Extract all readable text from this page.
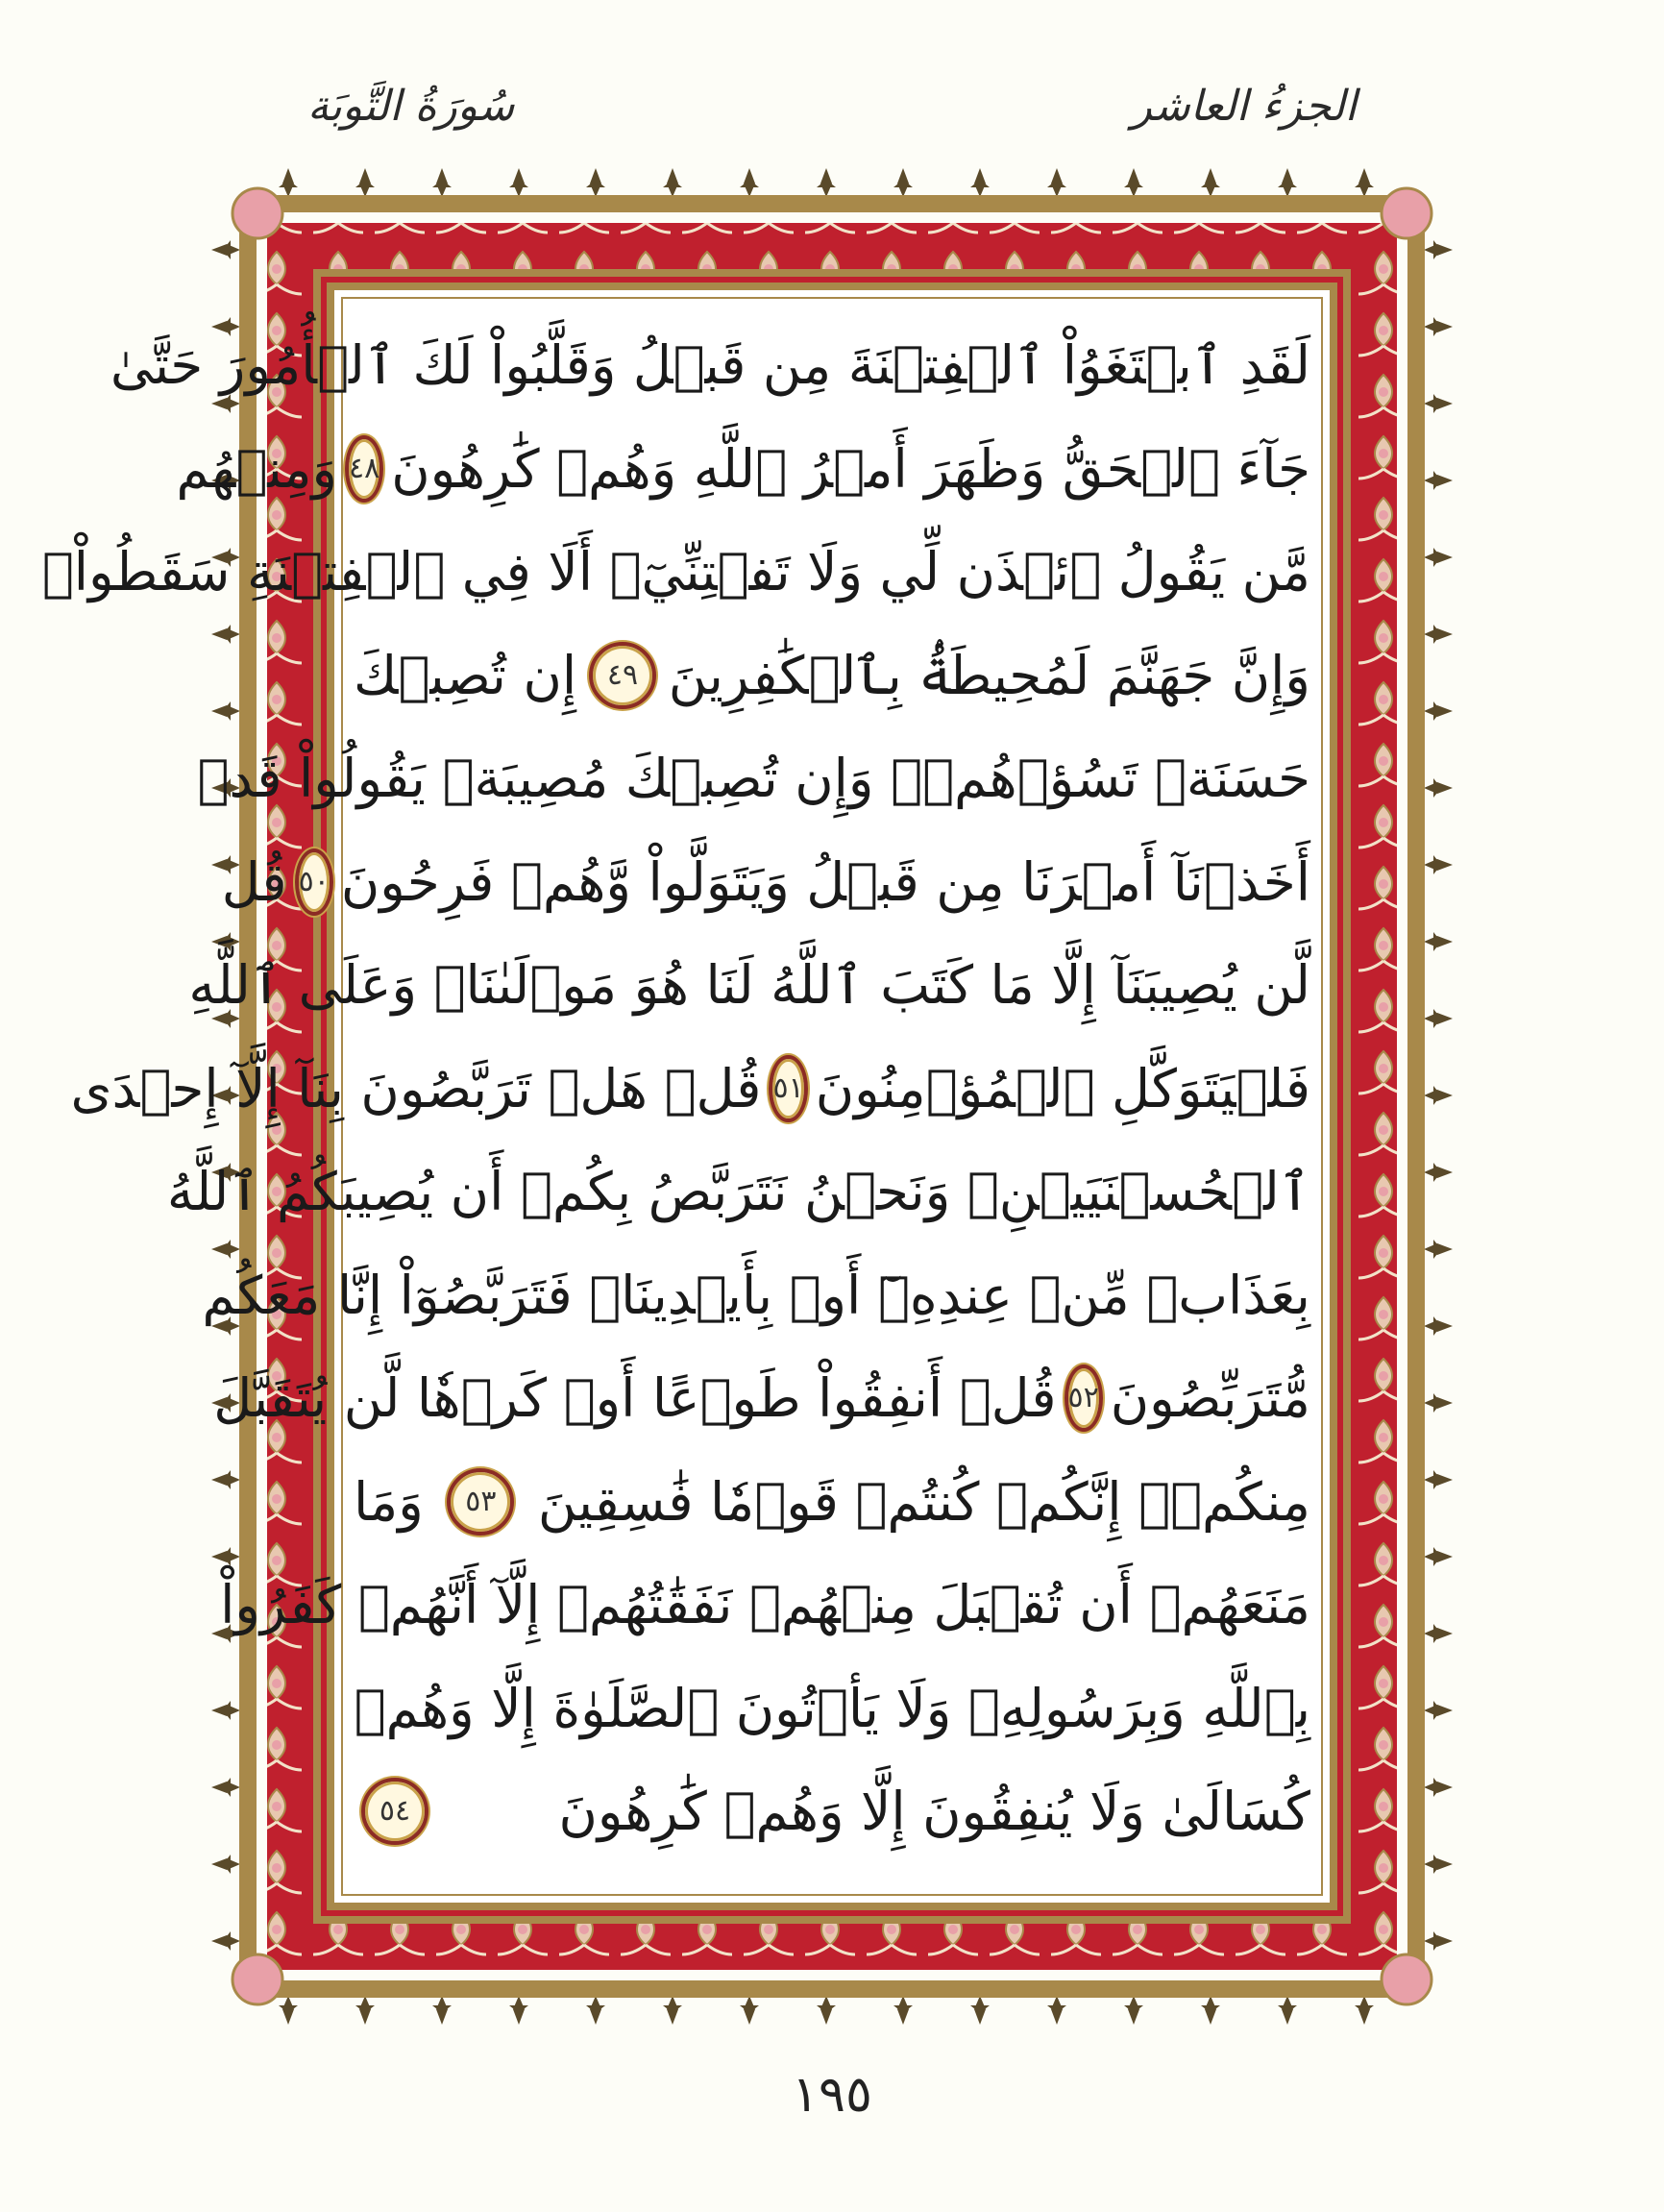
الجزءُ العاشر
سُورَةُ التَّوبَة
لَقَدِ ٱبۡتَغَوُاْ ٱلۡفِتۡنَةَ مِن قَبۡلُ وَقَلَّبُواْ لَكَ ٱلۡأُمُورَ حَتَّىٰ
جَآءَ ٱلۡحَقُّ وَظَهَرَ أَمۡرُ ٱللَّهِ وَهُمۡ كَٰرِهُونَ
٤٨
وَمِنۡهُم
مَّن يَقُولُ ٱئۡذَن لِّي وَلَا تَفۡتِنِّيٓۚ أَلَا فِي ٱلۡفِتۡنَةِ سَقَطُواْۗ
وَإِنَّ جَهَنَّمَ لَمُحِيطَةُۢ بِٱلۡكَٰفِرِينَ
٤٩
إِن تُصِبۡكَ
حَسَنَةٞ تَسُؤۡهُمۡۖ وَإِن تُصِبۡكَ مُصِيبَةٞ يَقُولُواْ قَدۡ
أَخَذۡنَآ أَمۡرَنَا مِن قَبۡلُ وَيَتَوَلَّواْ وَّهُمۡ فَرِحُونَ
٥٠
قُل
لَّن يُصِيبَنَآ إِلَّا مَا كَتَبَ ٱللَّهُ لَنَا هُوَ مَوۡلَىٰنَاۚ وَعَلَى ٱللَّهِ
فَلۡيَتَوَكَّلِ ٱلۡمُؤۡمِنُونَ
٥١
قُلۡ هَلۡ تَرَبَّصُونَ بِنَآ إِلَّآ إِحۡدَى
ٱلۡحُسۡنَيَيۡنِۖ وَنَحۡنُ نَتَرَبَّصُ بِكُمۡ أَن يُصِيبَكُمُ ٱللَّهُ
بِعَذَابٖ مِّنۡ عِندِهِۦٓ أَوۡ بِأَيۡدِينَاۖ فَتَرَبَّصُوٓاْ إِنَّا مَعَكُم
مُّتَرَبِّصُونَ
٥٢
قُلۡ أَنفِقُواْ طَوۡعًا أَوۡ كَرۡهٗا لَّن يُتَقَبَّلَ
مِنكُمۡۖ إِنَّكُمۡ كُنتُمۡ قَوۡمٗا فَٰسِقِينَ
٥٣
وَمَا
مَنَعَهُمۡ أَن تُقۡبَلَ مِنۡهُمۡ نَفَقَٰتُهُمۡ إِلَّآ أَنَّهُمۡ كَفَرُواْ
بِٱللَّهِ وَبِرَسُولِهِۦ وَلَا يَأۡتُونَ ٱلصَّلَوٰةَ إِلَّا وَهُمۡ
كُسَالَىٰ وَلَا يُنفِقُونَ إِلَّا وَهُمۡ كَٰرِهُونَ
٥٤
١٩٥
